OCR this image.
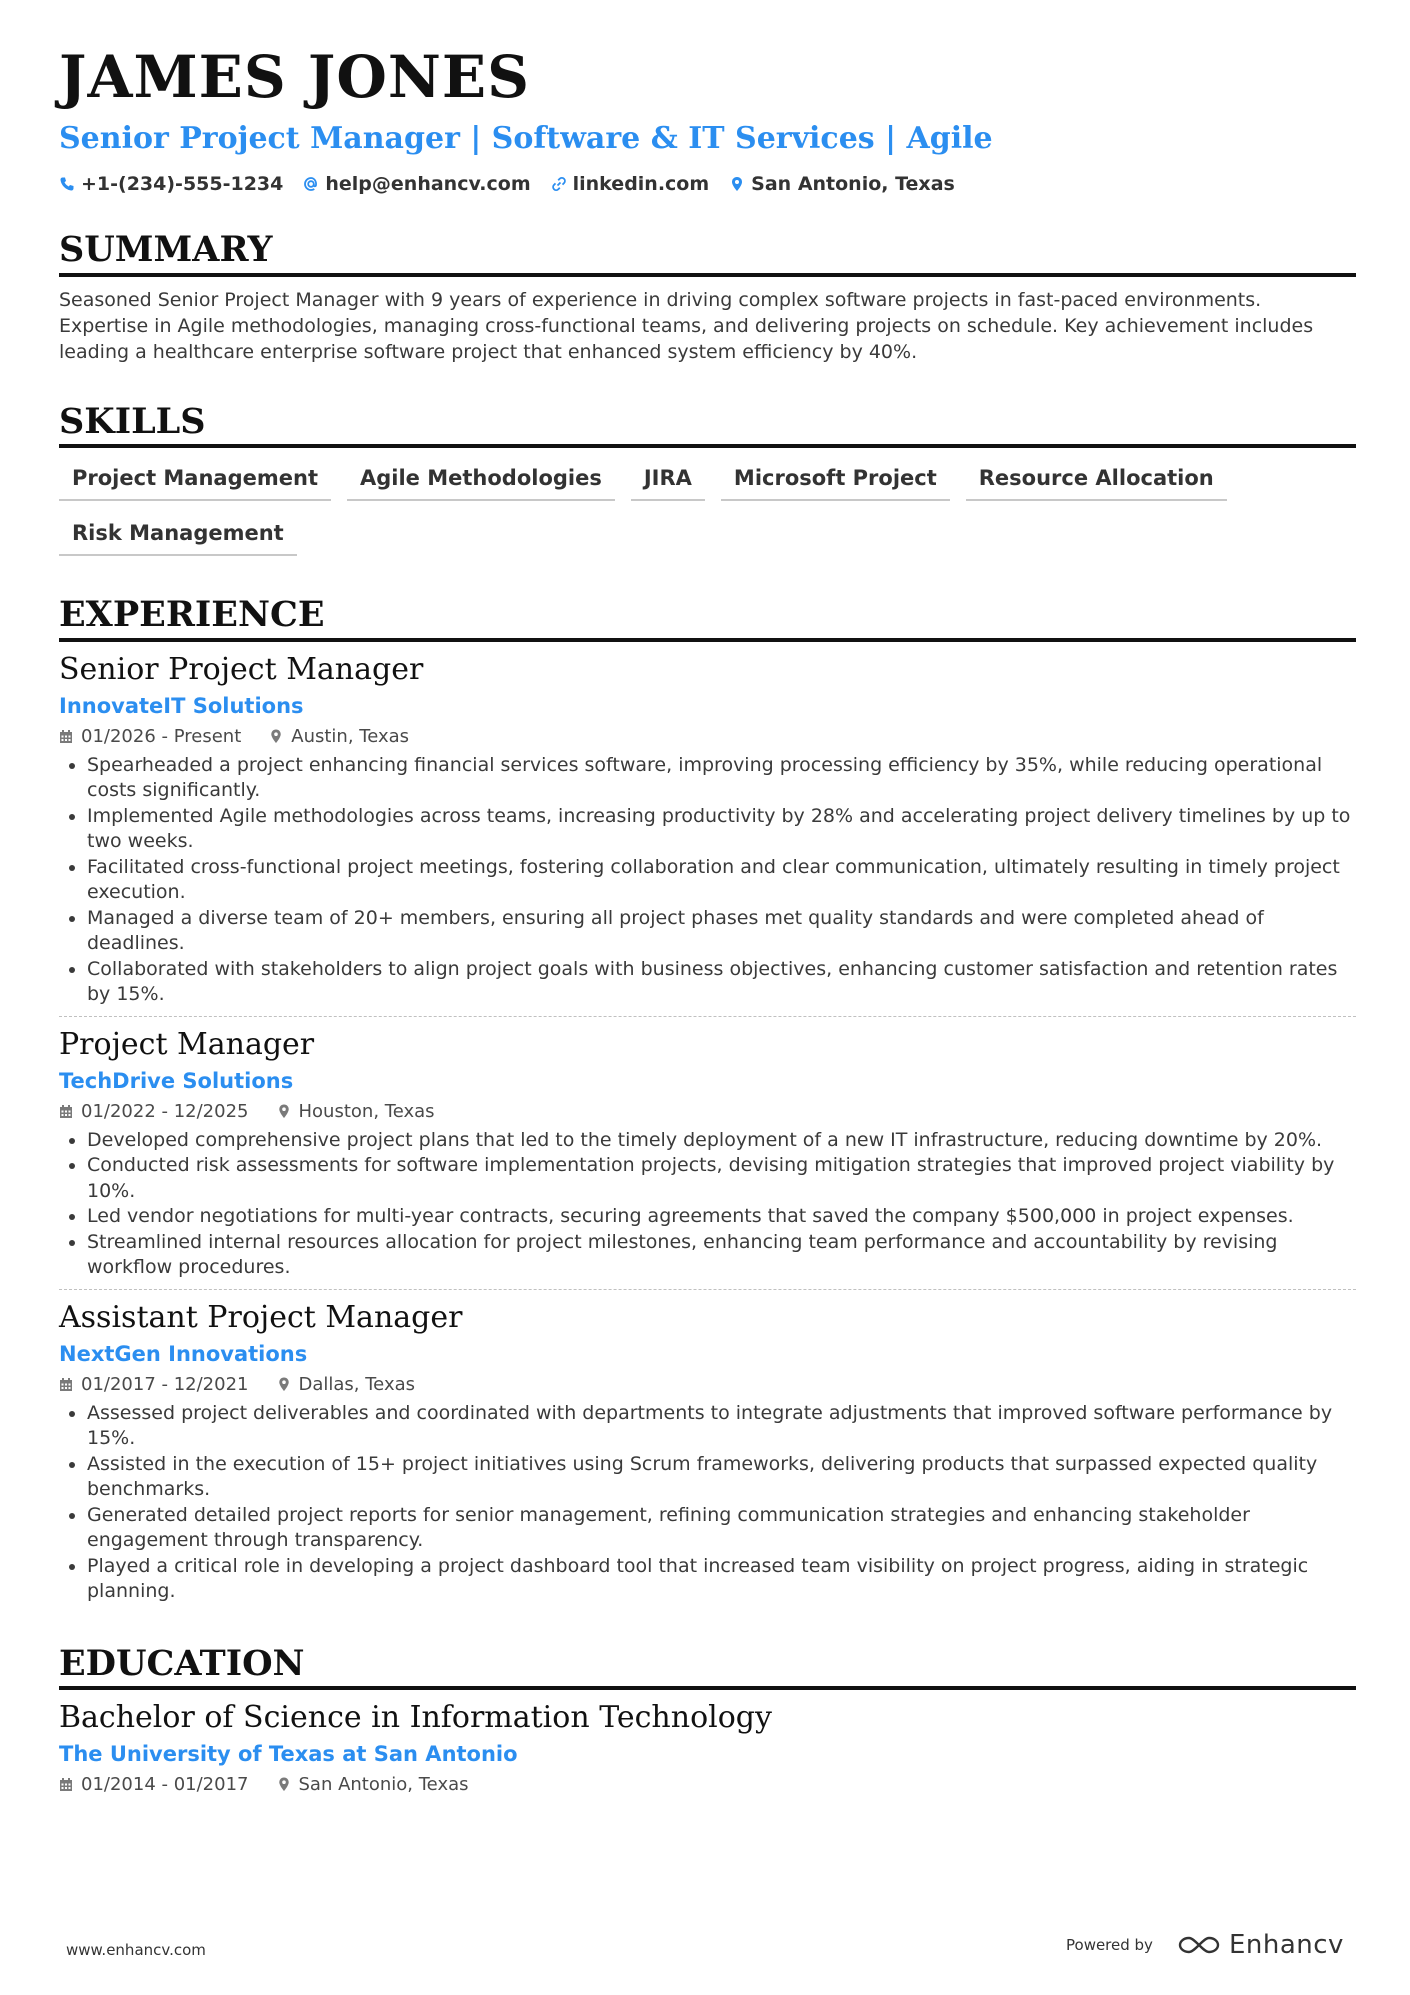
JAMES JONES
Senior Project Manager | Software & IT Services | Agile
+1-(234)-555-1234 help@enhancv.com linkedin.com San Antonio, Texas
SUMMARY
Seasoned Senior Project Manager with 9 years of experience in driving complex software projects in fast-paced environments. Expertise in Agile methodologies, managing cross-functional teams, and delivering projects on schedule. Key achievement includes leading a healthcare enterprise software project that enhanced system efficiency by 40%.
SKILLS
Project Management	Agile Methodologies	JIRA	Microsoft Project	Resource Allocation
Risk Management
EXPERIENCE
Senior Project Manager
InnovateIT Solutions
01/2026 - Present	Austin, Texas
• Spearheaded a project enhancing financial services software, improving processing efficiency by 35%, while reducing operational costs significantly.
• Implemented Agile methodologies across teams, increasing productivity by 28% and accelerating project delivery timelines by up to two weeks.
• Facilitated cross-functional project meetings, fostering collaboration and clear communication, ultimately resulting in timely project execution.
• Managed a diverse team of 20+ members, ensuring all project phases met quality standards and were completed ahead of deadlines.
• Collaborated with stakeholders to align project goals with business objectives, enhancing customer satisfaction and retention rates by 15%.
Project Manager
TechDrive Solutions
01/2022 - 12/2025	Houston, Texas
• Developed comprehensive project plans that led to the timely deployment of a new IT infrastructure, reducing downtime by 20%.
• Conducted risk assessments for software implementation projects, devising mitigation strategies that improved project viability by 10%.
• Led vendor negotiations for multi-year contracts, securing agreements that saved the company $500,000 in project expenses.
• Streamlined internal resources allocation for project milestones, enhancing team performance and accountability by revising workflow procedures.
Assistant Project Manager
NextGen Innovations
01/2017 - 12/2021	Dallas, Texas
• Assessed project deliverables and coordinated with departments to integrate adjustments that improved software performance by 15%.
• Assisted in the execution of 15+ project initiatives using Scrum frameworks, delivering products that surpassed expected quality benchmarks.
• Generated detailed project reports for senior management, refining communication strategies and enhancing stakeholder engagement through transparency.
• Played a critical role in developing a project dashboard tool that increased team visibility on project progress, aiding in strategic planning.
EDUCATION
Bachelor of Science in Information Technology
The University of Texas at San Antonio
01/2014 - 01/2017	San Antonio, Texas
www.enhancv.com	Powered by	Enhancv
